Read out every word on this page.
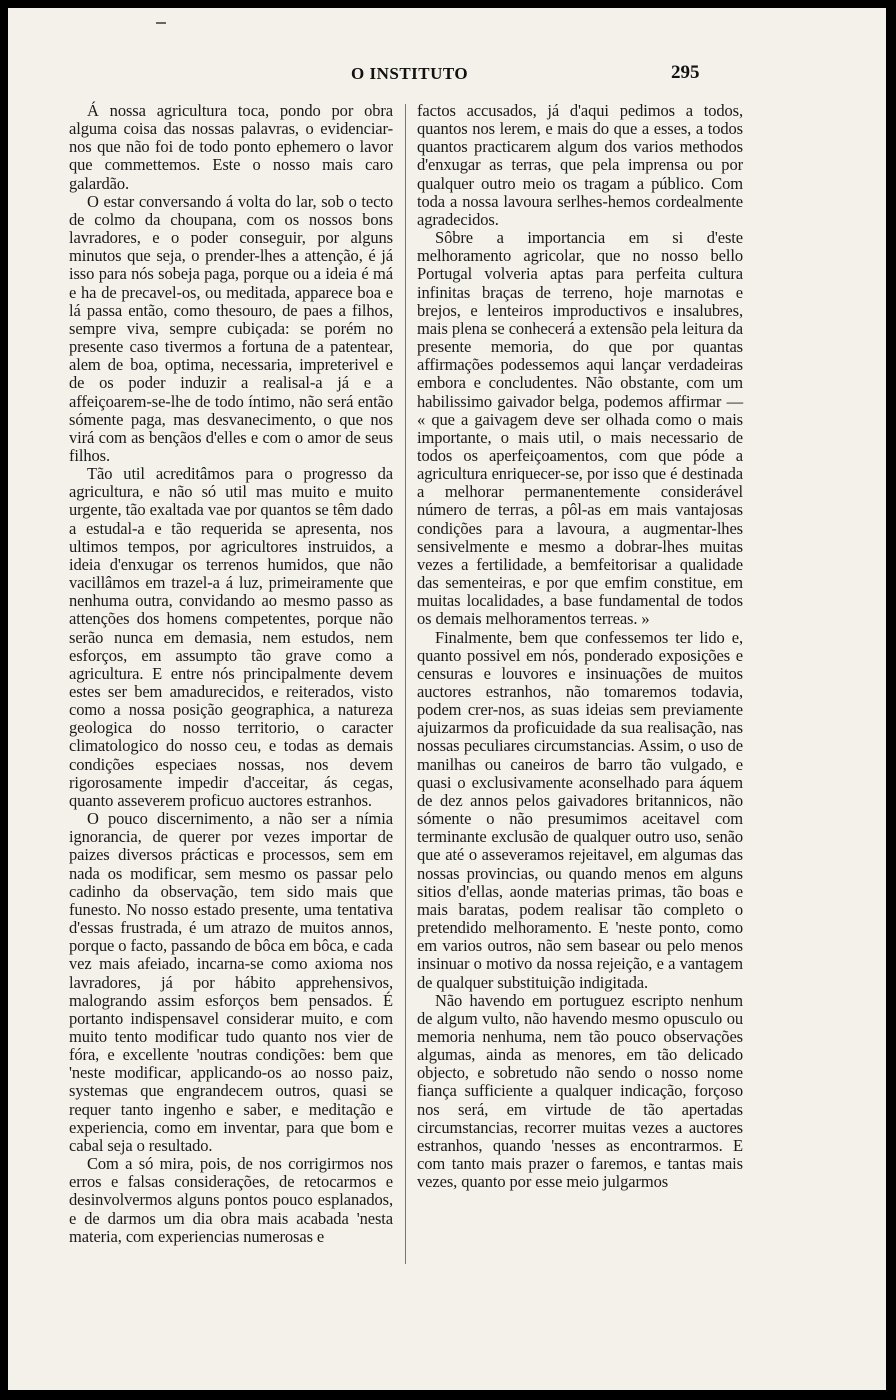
O INSTITUTO	295

Á nossa agricultura toca, pondo por obra alguma coisa das nossas palavras, o evidenciar-nos que não foi de todo ponto ephemero o lavor que commettemos. Este o nosso mais caro galardão.

O estar conversando á volta do lar, sob o tecto de colmo da choupana, com os nossos bons lavradores, e o poder conseguir, por alguns minutos que seja, o prender-lhes a attenção, é já isso para nós sobeja paga, porque ou a ideia é má e ha de precavel-os, ou meditada, apparece boa e lá passa então, como thesouro, de paes a filhos, sempre viva, sempre cubiçada: se porém no presente caso tivermos a fortuna de a patentear, alem de boa, optima, necessaria, impreterivel e de os poder induzir a realisal-a já e a affeiçoarem-se-lhe de todo íntimo, não será então sómente paga, mas desvanecimento, o que nos virá com as bençãos d'elles e com o amor de seus filhos.

Tão util acreditâmos para o progresso da agricultura, e não só util mas muito e muito urgente, tão exaltada vae por quantos se têm dado a estudal-a e tão requerida se apresenta, nos ultimos tempos, por agricultores instruidos, a ideia d'enxugar os terrenos humidos, que não vacillâmos em trazel-a á luz, primeiramente que nenhuma outra, convidando ao mesmo passo as attenções dos homens competentes, porque não serão nunca em demasia, nem estudos, nem esforços, em assumpto tão grave como a agricultura. E entre nós principalmente devem estes ser bem amadurecidos, e reiterados, visto como a nossa posição geographica, a natureza geologica do nosso territorio, o caracter climatologico do nosso ceu, e todas as demais condições especiaes nossas, nos devem rigorosamente impedir d'acceitar, ás cegas, quanto asseverem proficuo auctores estranhos.

O pouco discernimento, a não ser a nímia ignorancia, de querer por vezes importar de paizes diversos prácticas e processos, sem em nada os modificar, sem mesmo os passar pelo cadinho da observação, tem sido mais que funesto. No nosso estado presente, uma tentativa d'essas frustrada, é um atrazo de muitos annos, porque o facto, passando de bôca em bôca, e cada vez mais afeiado, incarna-se como axioma nos lavradores, já por hábito apprehensivos, malogrando assim esforços bem pensados. É portanto indispensavel considerar muito, e com muito tento modificar tudo quanto nos vier de fóra, e excellente 'noutras condições: bem que 'neste modificar, applicando-os ao nosso paiz, systemas que engrandecem outros, quasi se requer tanto ingenho e saber, e meditação e experiencia, como em inventar, para que bom e cabal seja o resultado.

Com a só mira, pois, de nos corrigirmos nos erros e falsas considerações, de retocarmos e desinvolvermos alguns pontos pouco esplanados, e de darmos um dia obra mais acabada 'nesta materia, com experiencias numerosas e

factos accusados, já d'aqui pedimos a todos, quantos nos lerem, e mais do que a esses, a todos quantos practicarem algum dos varios methodos d'enxugar as terras, que pela imprensa ou por qualquer outro meio os tragam a público. Com toda a nossa lavoura serlhes-hemos cordealmente agradecidos.

Sôbre a importancia em si d'este melhoramento agricolar, que no nosso bello Portugal volveria aptas para perfeita cultura infinitas braças de terreno, hoje marnotas e brejos, e lenteiros improductivos e insalubres, mais plena se conhecerá a extensão pela leitura da presente memoria, do que por quantas affirmações podessemos aqui lançar verdadeiras embora e concludentes. Não obstante, com um habilissimo gaivador belga, podemos affirmar — « que a gaivagem deve ser olhada como o mais importante, o mais util, o mais necessario de todos os aperfeiçoamentos, com que póde a agricultura enriquecer-se, por isso que é destinada a melhorar permanentemente considerável número de terras, a pôl-as em mais vantajosas condições para a lavoura, a augmentar-lhes sensivelmente e mesmo a dobrar-lhes muitas vezes a fertilidade, a bemfeitorisar a qualidade das sementeiras, e por que emfim constitue, em muitas localidades, a base fundamental de todos os demais melhoramentos terreas. »

Finalmente, bem que confessemos ter lido e, quanto possivel em nós, ponderado exposições e censuras e louvores e insinuações de muitos auctores estranhos, não tomaremos todavia, podem crer-nos, as suas ideias sem previamente ajuizarmos da proficuidade da sua realisação, nas nossas peculiares circumstancias. Assim, o uso de manilhas ou caneiros de barro tão vulgado, e quasi o exclusivamente aconselhado para áquem de dez annos pelos gaivadores britannicos, não sómente o não presumimos aceitavel com terminante exclusão de qualquer outro uso, senão que até o asseveramos rejeitavel, em algumas das nossas provincias, ou quando menos em alguns sitios d'ellas, aonde materias primas, tão boas e mais baratas, podem realisar tão completo o pretendido melhoramento. E 'neste ponto, como em varios outros, não sem basear ou pelo menos insinuar o motivo da nossa rejeição, e a vantagem de qualquer substituição indigitada.

Não havendo em portuguez escripto nenhum de algum vulto, não havendo mesmo opusculo ou memoria nenhuma, nem tão pouco observações algumas, ainda as menores, em tão delicado objecto, e sobretudo não sendo o nosso nome fiança sufficiente a qualquer indicação, forçoso nos será, em virtude de tão apertadas circumstancias, recorrer muitas vezes a auctores estranhos, quando 'nesses as encontrarmos. E com tanto mais prazer o faremos, e tantas mais vezes, quanto por esse meio julgarmos
